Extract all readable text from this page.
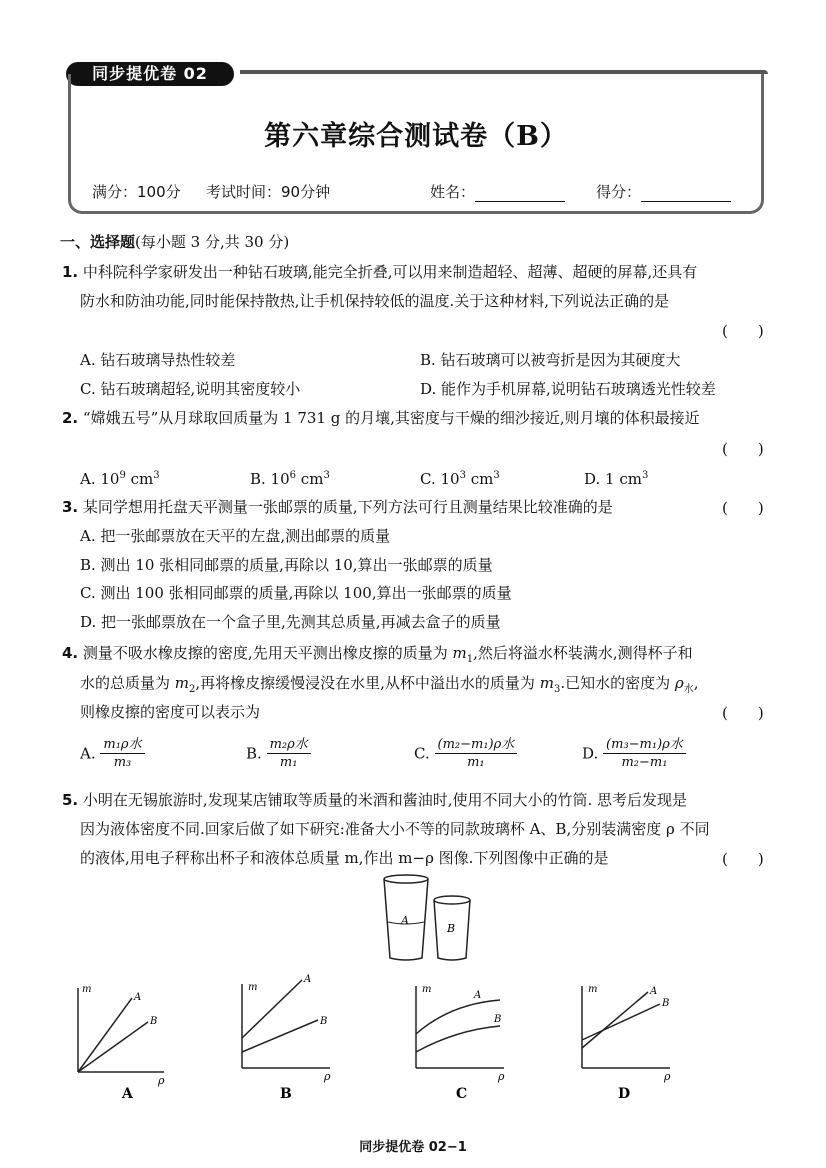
同步提优卷 02
第六章综合测试卷（B）
满分：100分 考试时间：90分钟	姓名：	得分：
一、选择题(每小题 3 分,共 30 分)
1. 中科院科学家研发出一种钻石玻璃,能完全折叠,可以用来制造超轻、超薄、超硬的屏幕,还具有
防水和防油功能,同时能保持散热,让手机保持较低的温度.关于这种材料,下列说法正确的是
(　　)
A. 钻石玻璃导热性较差	B. 钻石玻璃可以被弯折是因为其硬度大
C. 钻石玻璃超轻,说明其密度较小	D. 能作为手机屏幕,说明钻石玻璃透光性较差
2. “嫦娥五号”从月球取回质量为 1 731 g 的月壤,其密度与干燥的细沙接近,则月壤的体积最接近
(　　)
A. $10^9$ $cm^3$	B. $10^6$ $cm^3$	C. $10^3$ $cm^3$	D. 1 $cm^3$
3. 某同学想用托盘天平测量一张邮票的质量,下列方法可行且测量结果比较准确的是	(　　)
A. 把一张邮票放在天平的左盘,测出邮票的质量
B. 测出 10 张相同邮票的质量,再除以 10,算出一张邮票的质量
C. 测出 100 张相同邮票的质量,再除以 100,算出一张邮票的质量
D. 把一张邮票放在一个盒子里,先测其总质量,再减去盒子的质量
4. 测量不吸水橡皮擦的密度,先用天平测出橡皮擦的质量为 $m_1$,然后将溢水杯装满水,测得杯子和
水的总质量为 $m_2$,再将橡皮擦缓慢浸没在水里,从杯中溢出水的质量为 $m_3$.已知水的密度为 $\rho_水$,
则橡皮擦的密度可以表示为	(　　)
A. $\frac{\text{m₁ρ水}}{\text{m₃}}$	B. $\frac{\text{m₂ρ水}}{\text{m₁}}$	C. $\frac{\text{(m₂−m₁)ρ水}}{\text{m₁}}$	D. $\frac{\text{(m₃−m₁)ρ水}}{\text{m₂−m₁}}$
5. 小明在无锡旅游时,发现某店铺取等质量的米酒和酱油时,使用不同大小的竹筒. 思考后发现是
因为液体密度不同.回家后做了如下研究:准备大小不等的同款玻璃杯 A、B,分别装满密度 ρ 不同
的液体,用电子秤称出杯子和液体总质量 m,作出 m−ρ 图像.下列图像中正确的是	(　　)
A
B
m
ρ
A
B
A
m
ρ
A
B
B
m
ρ
A
B
C
m
ρ
A
B
D
同步提优卷 02−1
